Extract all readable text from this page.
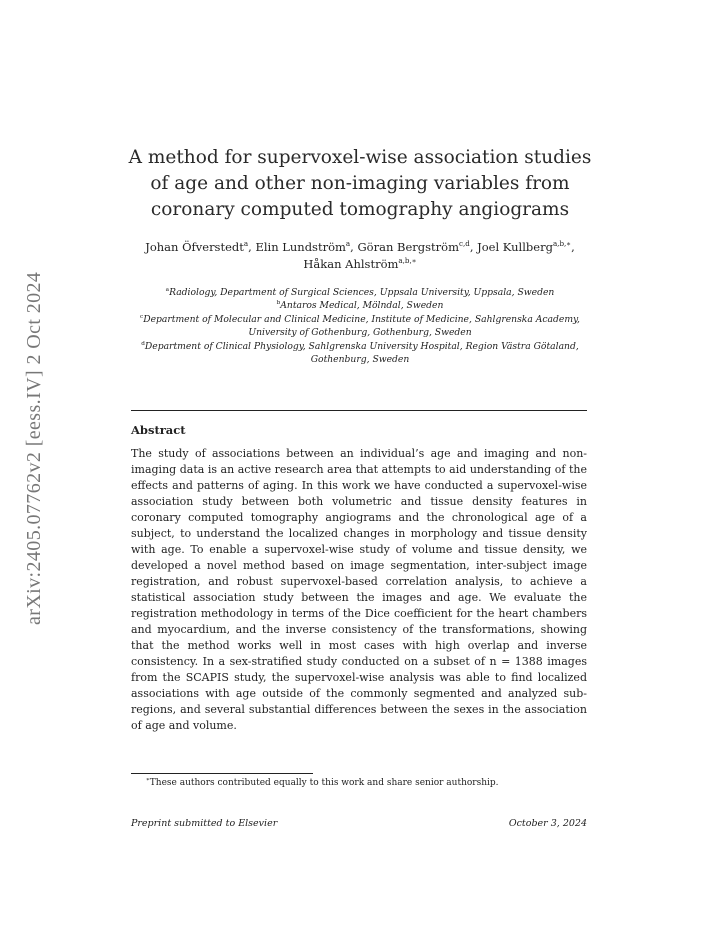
arXiv:2405.07762v2 [eess.IV] 2 Oct 2024
A method for supervoxel-wise association studies of age and other non-imaging variables from coronary computed tomography angiograms
Johan Öfverstedt$^a$, Elin Lundström$^a$, Göran Bergström$^{c,d}$, Joel Kullberg$^{a,b,∗}$, Håkan Ahlström$^{a,b,∗}$
$^a$Radiology, Department of Surgical Sciences, Uppsala University, Uppsala, Sweden
$^b$Antaros Medical, Mölndal, Sweden
$^c$Department of Molecular and Clinical Medicine, Institute of Medicine, Sahlgrenska Academy, University of Gothenburg, Gothenburg, Sweden
$^d$Department of Clinical Physiology, Sahlgrenska University Hospital, Region Västra Götaland, Gothenburg, Sweden
Abstract
The study of associations between an individual’s age and imaging and non-imaging data is an active research area that attempts to aid understanding of the effects and patterns of aging. In this work we have conducted a supervoxel-wise association study between both volumetric and tissue density features in coronary computed tomography angiograms and the chronological age of a subject, to understand the localized changes in morphology and tissue density with age. To enable a supervoxel-wise study of volume and tissue density, we developed a novel method based on image segmentation, inter-subject image registration, and robust supervoxel-based correlation analysis, to achieve a statistical association study between the images and age. We evaluate the registration methodology in terms of the Dice coefficient for the heart chambers and myocardium, and the inverse consistency of the transformations, showing that the method works well in most cases with high overlap and inverse consistency. In a sex-stratified study conducted on a subset of n = 1388 images from the SCAPIS study, the supervoxel-wise analysis was able to find localized associations with age outside of the commonly segmented and analyzed sub-regions, and several substantial differences between the sexes in the association of age and volume.
∗These authors contributed equally to this work and share senior authorship.
Preprint submitted to Elsevier	October 3, 2024
